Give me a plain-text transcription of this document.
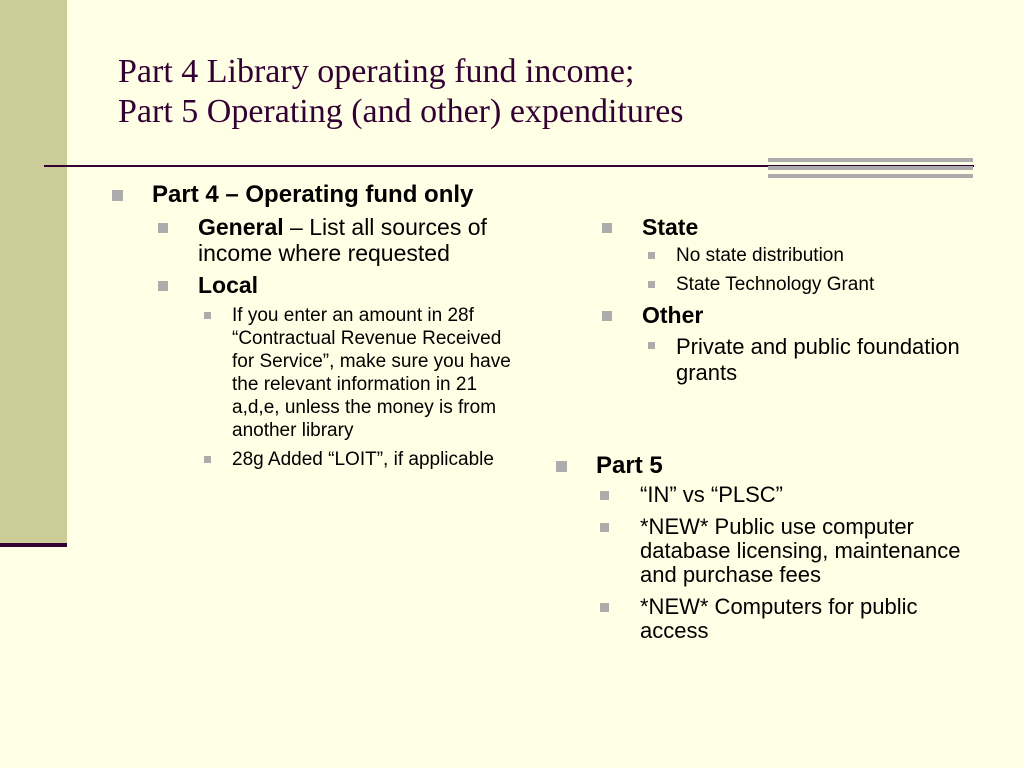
Part 4 Library operating fund income;
Part 5 Operating (and other) expenditures
Part 4 – Operating fund only
General – List all sources of income where requested
Local
If you enter an amount in 28f “Contractual Revenue Received for Service”, make sure you have the relevant information in 21 a,d,e, unless the money is from another library
28g Added “LOIT”, if applicable
State
No state distribution
State Technology Grant
Other
Private and public foundation grants
Part 5
“IN” vs “PLSC”
*NEW* Public use computer database licensing, maintenance and purchase fees
*NEW* Computers for public access
